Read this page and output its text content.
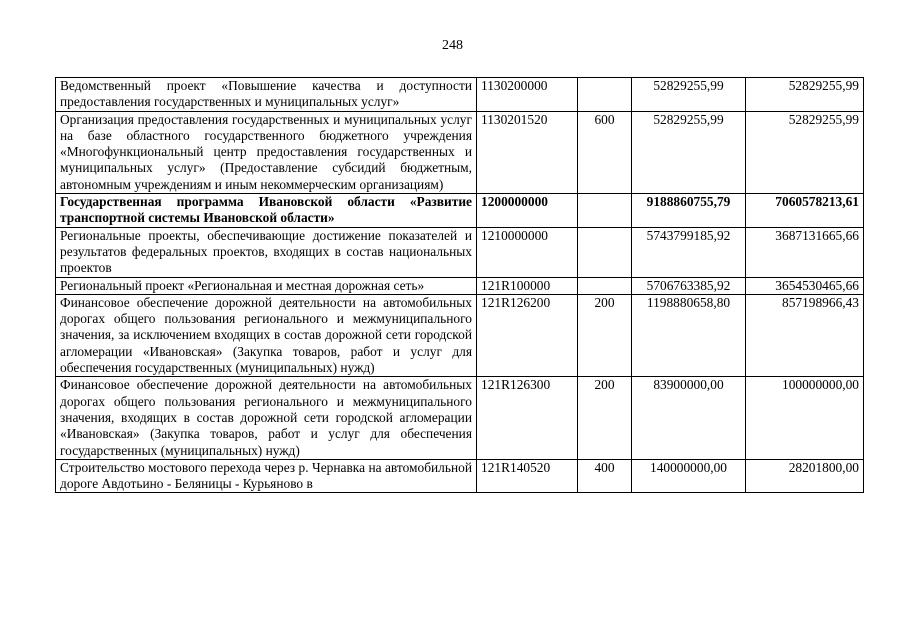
248
Ведомственный проект «Повышение качества и доступности предоставления государственных и муниципальных услуг»	1130200000		52829255,99	52829255,99
Организация предоставления государственных и муниципальных услуг на базе областного государственного бюджетного учреждения «Многофункциональный центр предоставления государственных и муниципальных услуг» (Предоставление субсидий бюджетным, автономным учреждениям и иным некоммерческим организациям)	1130201520	600	52829255,99	52829255,99
Государственная программа Ивановской области «Развитие транспортной системы Ивановской области»	1200000000		9188860755,79	7060578213,61
Региональные проекты, обеспечивающие достижение показателей и результатов федеральных проектов, входящих в состав национальных проектов	1210000000		5743799185,92	3687131665,66
Региональный проект «Региональная и местная дорожная сеть»	121R100000		5706763385,92	3654530465,66
Финансовое обеспечение дорожной деятельности на автомобильных дорогах общего пользования регионального и межмуниципального значения, за исключением входящих в состав дорожной сети городской агломерации «Ивановская» (Закупка товаров, работ и услуг для обеспечения государственных (муниципальных) нужд)	121R126200	200	1198880658,80	857198966,43
Финансовое обеспечение дорожной деятельности на автомобильных дорогах общего пользования регионального и межмуниципального значения, входящих в состав дорожной сети городской агломерации «Ивановская» (Закупка товаров, работ и услуг для обеспечения государственных (муниципальных) нужд)	121R126300	200	83900000,00	100000000,00
Строительство мостового перехода через р. Чернавка на автомобильной дороге Авдотьино - Беляницы - Курьяново в	121R140520	400	140000000,00	28201800,00
